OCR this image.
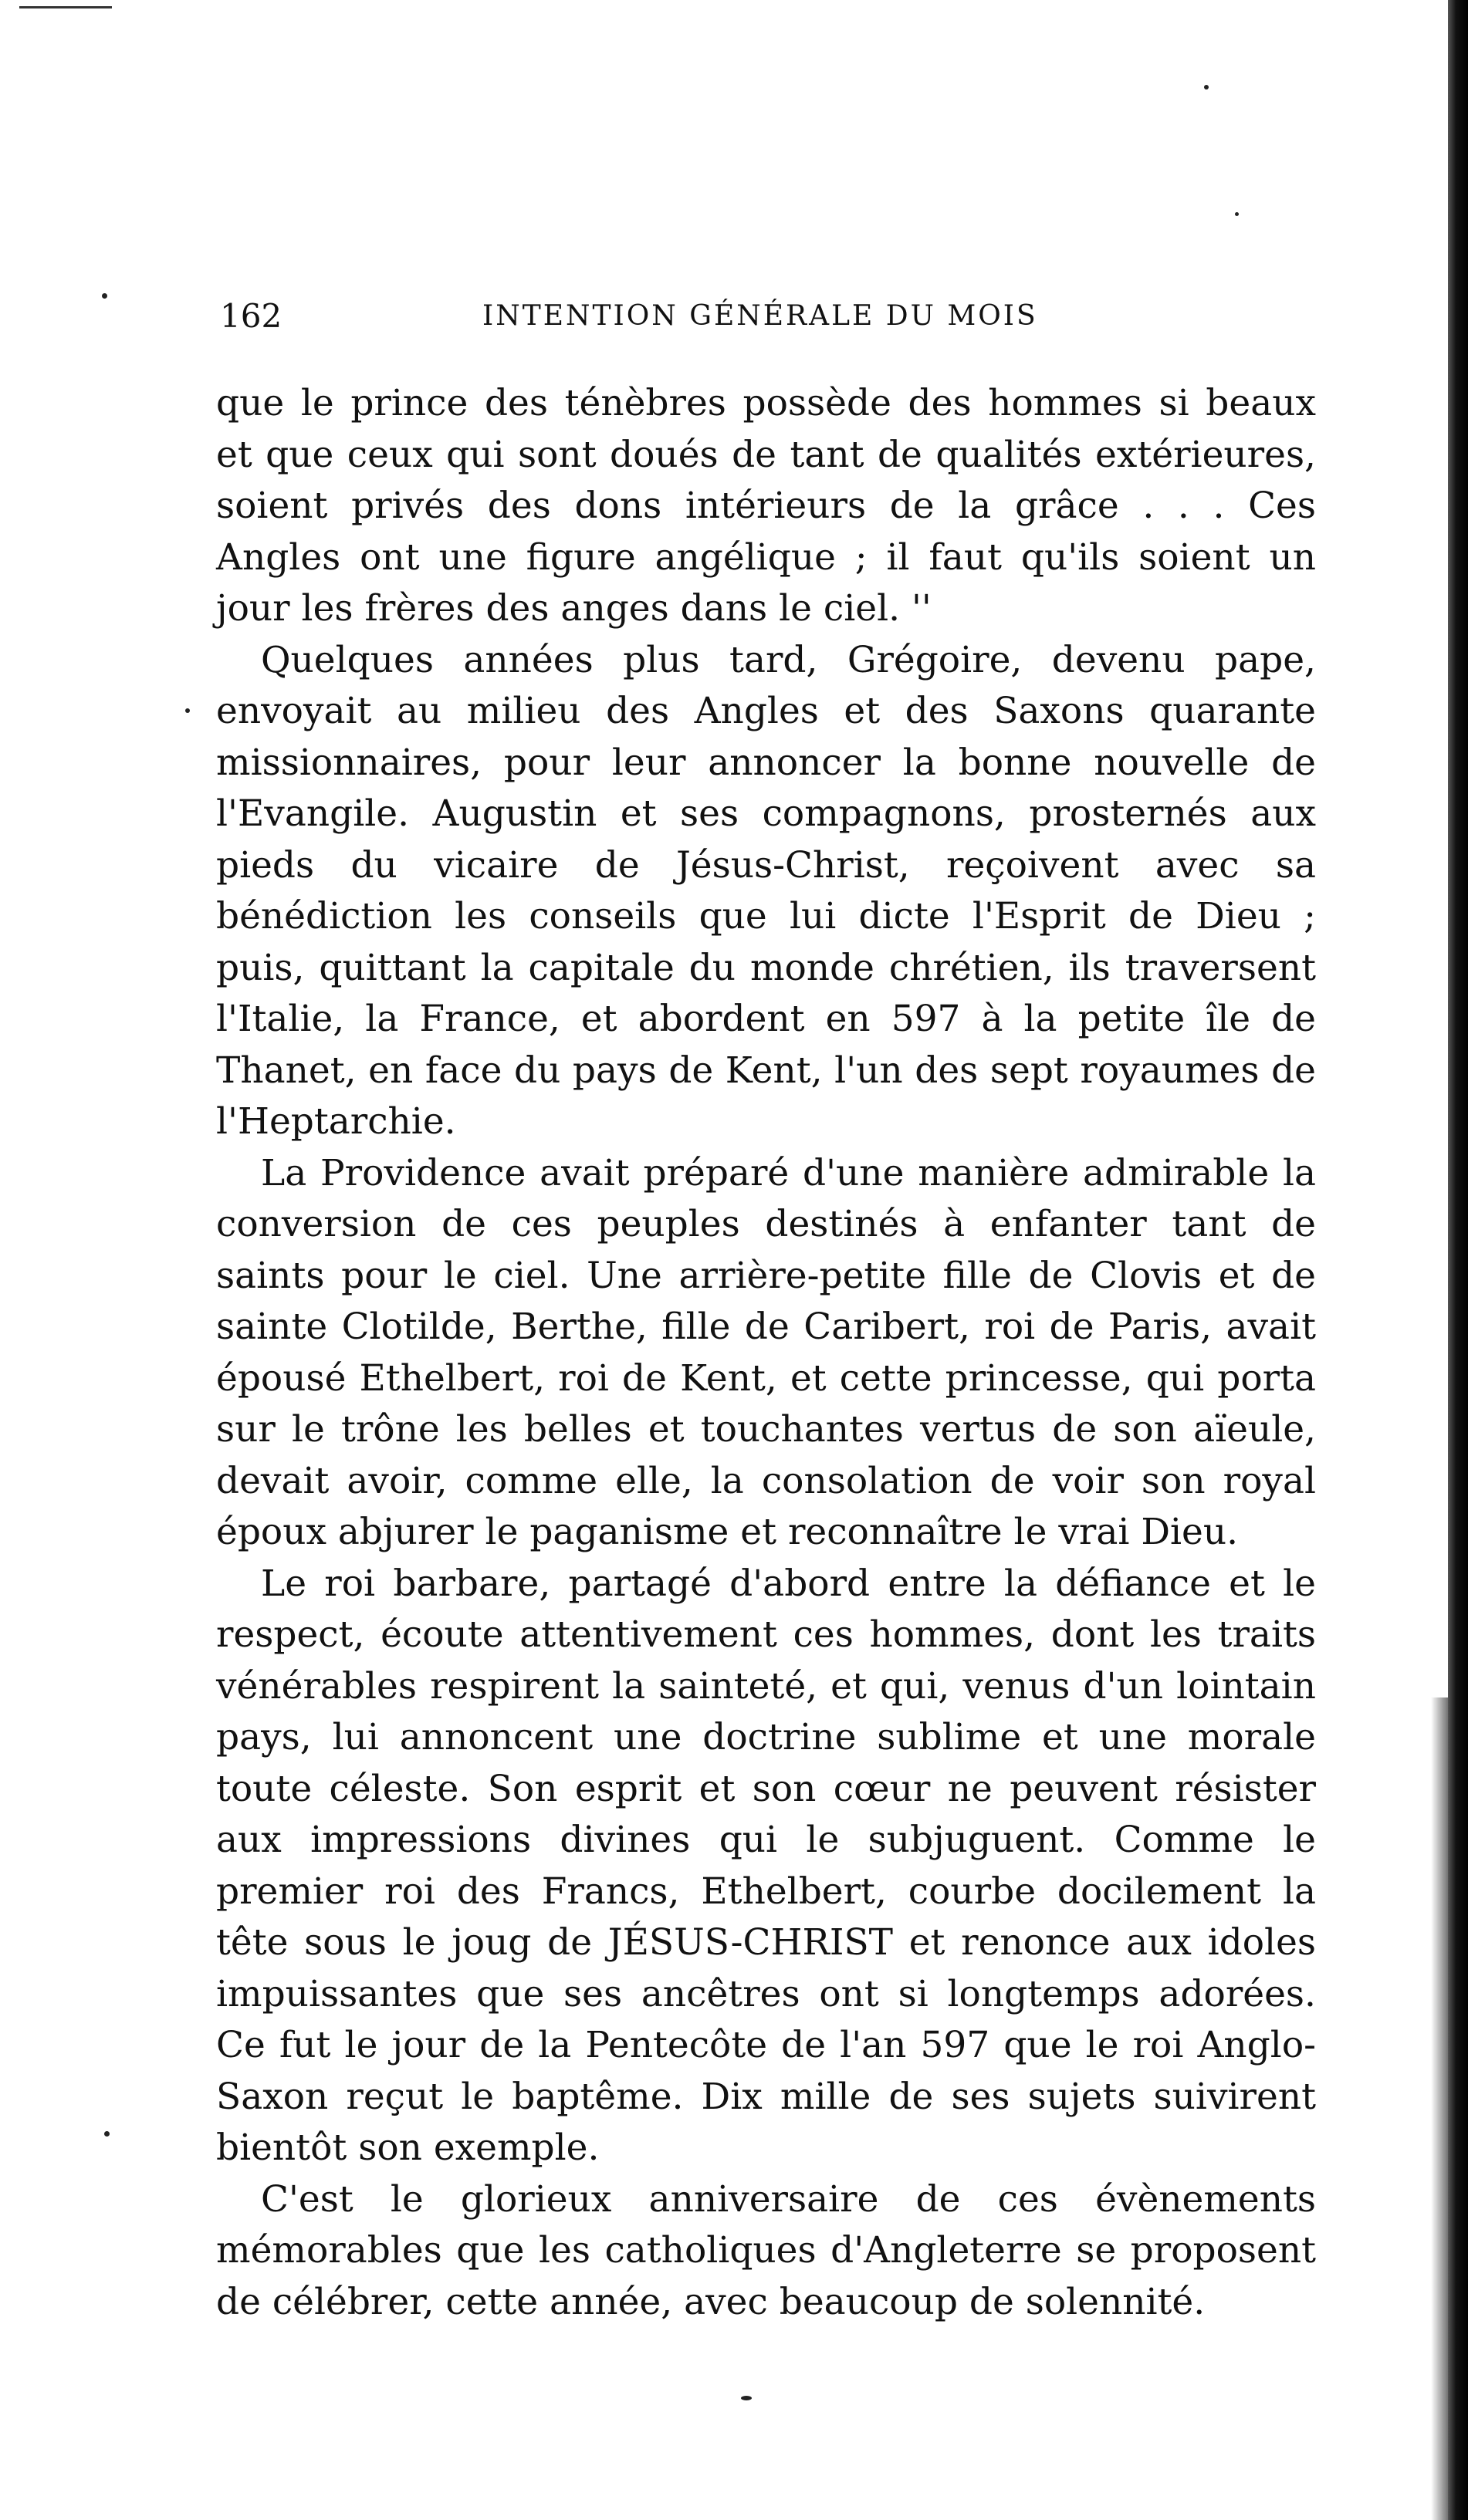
162	INTENTION GÉNÉRALE DU MOIS

que le prince des ténèbres possède des hommes si beaux et que ceux qui sont doués de tant de qualités extérieures, soient privés des dons intérieurs de la grâce . . . Ces Angles ont une figure angélique ; il faut qu'ils soient un jour les frères des anges dans le ciel. ''

Quelques années plus tard, Grégoire, devenu pape, envoyait au milieu des Angles et des Saxons quarante missionnaires, pour leur annoncer la bonne nouvelle de l'Evangile. Augustin et ses compagnons, prosternés aux pieds du vicaire de Jésus-Christ, reçoivent avec sa bénédiction les conseils que lui dicte l'Esprit de Dieu ; puis, quittant la capitale du monde chrétien, ils traversent l'Italie, la France, et abordent en 597 à la petite île de Thanet, en face du pays de Kent, l'un des sept royaumes de l'Heptarchie.

La Providence avait préparé d'une manière admirable la conversion de ces peuples destinés à enfanter tant de saints pour le ciel. Une arrière-petite fille de Clovis et de sainte Clotilde, Berthe, fille de Caribert, roi de Paris, avait épousé Ethelbert, roi de Kent, et cette princesse, qui porta sur le trône les belles et touchantes vertus de son aïeule, devait avoir, comme elle, la consolation de voir son royal époux abjurer le paganisme et reconnaître le vrai Dieu.

Le roi barbare, partagé d'abord entre la défiance et le respect, écoute attentivement ces hommes, dont les traits vénérables respirent la sainteté, et qui, venus d'un lointain pays, lui annoncent une doctrine sublime et une morale toute céleste. Son esprit et son cœur ne peuvent résister aux impressions divines qui le subjuguent. Comme le premier roi des Francs, Ethelbert, courbe docilement la tête sous le joug de JÉSUS-CHRIST et renonce aux idoles impuissantes que ses ancêtres ont si longtemps adorées. Ce fut le jour de la Pentecôte de l'an 597 que le roi Anglo-Saxon reçut le baptême. Dix mille de ses sujets suivirent bientôt son exemple.

C'est le glorieux anniversaire de ces évènements mémorables que les catholiques d'Angleterre se proposent de célébrer, cette année, avec beaucoup de solennité.
